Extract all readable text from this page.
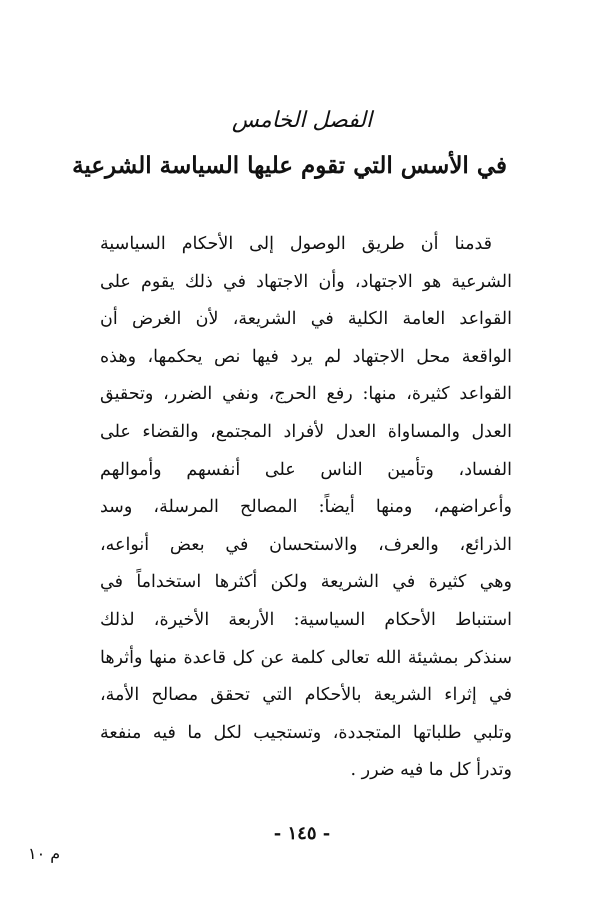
الفصل الخامس
في الأسس التي تقوم عليها السياسة الشرعية
قدمنا أن طريق الوصول إلى الأحكام السياسية
الشرعية هو الاجتهاد، وأن الاجتهاد في ذلك يقوم على
القواعد العامة الكلية في الشريعة، لأن الغرض أن
الواقعة محل الاجتهاد لم يرد فيها نص يحكمها، وهذه
القواعد كثيرة، منها: رفع الحرج، ونفي الضرر، وتحقيق
العدل والمساواة العدل لأفراد المجتمع، والقضاء على
الفساد، وتأمين الناس على أنفسهم وأموالهم
وأعراضهم، ومنها أيضاً: المصالح المرسلة، وسد
الذرائع، والعرف، والاستحسان في بعض أنواعه،
وهي كثيرة في الشريعة ولكن أكثرها استخداماً في
استنباط الأحكام السياسية: الأربعة الأخيرة، لذلك
سنذكر بمشيئة الله تعالى كلمة عن كل قاعدة منها وأثرها
في إثراء الشريعة بالأحكام التي تحقق مصالح الأمة،
وتلبي طلباتها المتجددة، وتستجيب لكل ما فيه منفعة
وتدرأ كل ما فيه ضرر .
- ١٤٥ -
م ١٠
